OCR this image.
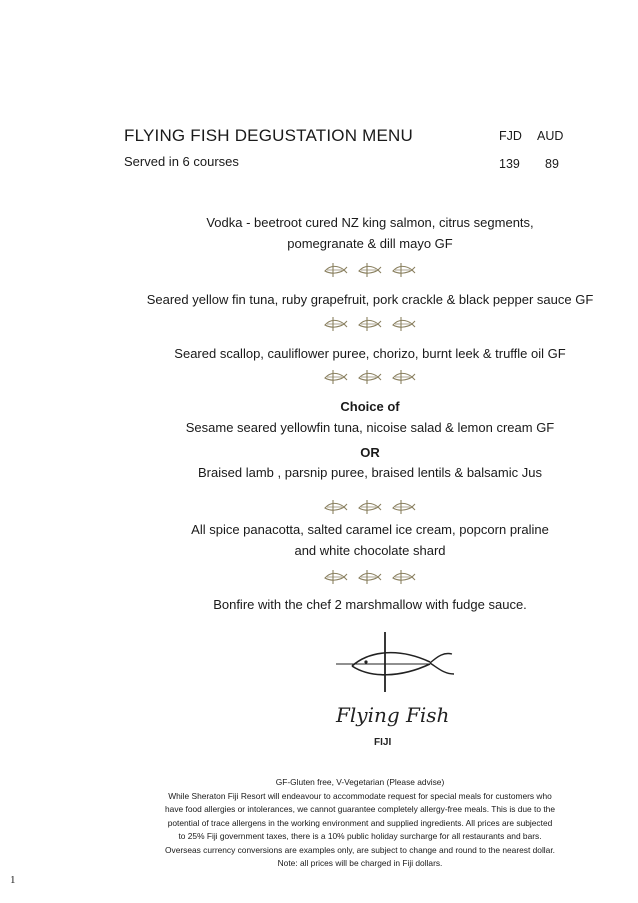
FLYING FISH DEGUSTATION MENU	FJD AUD
Served in 6 courses	139 89
Vodka - beetroot cured NZ king salmon, citrus segments,
pomegranate & dill mayo GF

Seared yellow fin tuna, ruby grapefruit, pork crackle & black pepper sauce GF

Seared scallop, cauliflower puree, chorizo, burnt leek & truffle oil GF

Choice of
Sesame seared yellowfin tuna, nicoise salad & lemon cream GF
OR
Braised lamb , parsnip puree, braised lentils & balsamic Jus

All spice panacotta, salted caramel ice cream, popcorn praline
and white chocolate shard

Bonfire with the chef 2 marshmallow with fudge sauce.
Flying Fish
FIJI
GF-Gluten free, V-Vegetarian (Please advise)
While Sheraton Fiji Resort will endeavour to accommodate request for special meals for customers who
have food allergies or intolerances, we cannot guarantee completely allergy-free meals. This is due to the
potential of trace allergens in the working environment and supplied ingredients. All prices are subjected
to 25% Fiji government taxes, there is a 10% public holiday surcharge for all restaurants and bars.
Overseas currency conversions are examples only, are subject to change and round to the nearest dollar.
Note: all prices will be charged in Fiji dollars.
1
